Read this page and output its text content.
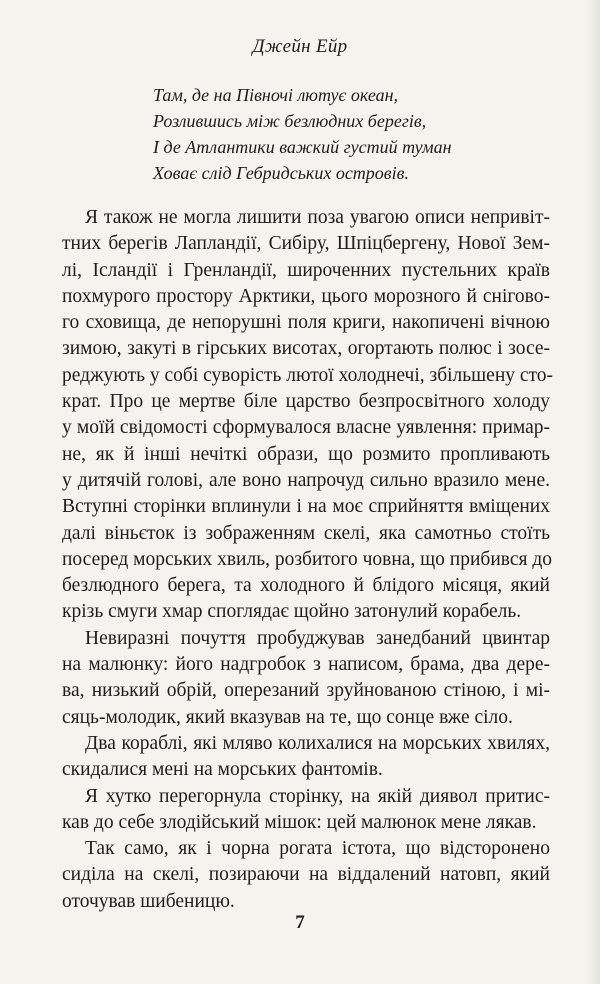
Джейн Ейр
Там, де на Півночі лютує океан,
Розлившись між безлюдних берегів,
І де Атлантики важкий густий туман
Ховає слід Гебридських островів.
Я також не могла лишити поза увагою описи непривіт-
тних берегів Лапландії, Сибіру, Шпіцбергену, Нової Зем-
лі, Ісландії і Гренландії, широченних пустельних країв
похмурого простору Арктики, цього морозного й снігово-
го сховища, де непорушні поля криги, накопичені вічною
зимою, закуті в гірських висотах, огортають полюс і зосе-
реджують у собі суворість лютої холоднечі, збільшену сто-
крат. Про це мертве біле царство безпросвітного холоду
у моїй свідомості сформувалося власне уявлення: примар-
не, як й інші нечіткі образи, що розмито пропливають
у дитячій голові, але воно напрочуд сильно вразило мене.
Вступні сторінки вплинули і на моє сприйняття вміщених
далі віньєток із зображенням скелі, яка самотньо стоїть
посеред морських хвиль, розбитого човна, що прибився до
безлюдного берега, та холодного й блідого місяця, який
крізь смуги хмар споглядає щойно затонулий корабель.
Невиразні почуття пробуджував занедбаний цвинтар
на малюнку: його надгробок з написом, брама, два дере-
ва, низький обрій, оперезаний зруйнованою стіною, і мі-
сяць-молодик, який вказував на те, що сонце вже сіло.
Два кораблі, які мляво колихалися на морських хвилях,
скидалися мені на морських фантомів.
Я хутко перегорнула сторінку, на якій диявол притис-
кав до себе злодійський мішок: цей малюнок мене лякав.
Так само, як і чорна рогата істота, що відсторонено
сиділа на скелі, позираючи на віддалений натовп, який
оточував шибеницю.
7
